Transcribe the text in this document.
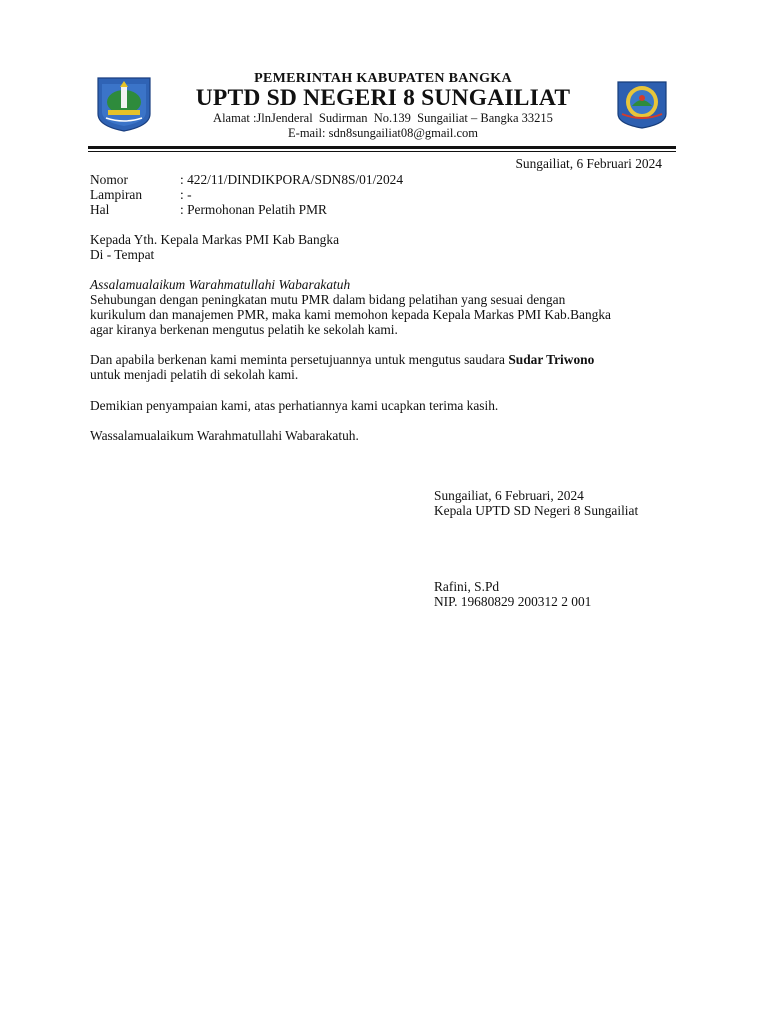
PEMERINTAH KABUPATEN BANGKA
UPTD SD NEGERI 8 SUNGAILIAT
Alamat :JlnJenderal  Sudirman  No.139  Sungailiat – Bangka 33215
E-mail: sdn8sungailiat08@gmail.com
Sungailiat, 6 Februari 2024
Nomor	: 422/11/DINDIKPORA/SDN8S/01/2024
Lampiran	: -
Hal	: Permohonan Pelatih PMR
Kepada Yth. Kepala Markas PMI Kab Bangka
Di - Tempat
Assalamualaikum Warahmatullahi Wabarakatuh
Sehubungan dengan peningkatan mutu PMR dalam bidang pelatihan yang sesuai dengan
kurikulum dan manajemen PMR, maka kami memohon kepada Kepala Markas PMI Kab.Bangka
agar kiranya berkenan mengutus pelatih ke sekolah kami.
Dan apabila berkenan kami meminta persetujuannya untuk mengutus saudara Sudar Triwono
untuk menjadi pelatih di sekolah kami.
Demikian penyampaian kami, atas perhatiannya kami ucapkan terima kasih.
Wassalamualaikum Warahmatullahi Wabarakatuh.
Sungailiat, 6 Februari, 2024
Kepala UPTD SD Negeri 8 Sungailiat
Rafini, S.Pd
NIP. 19680829 200312 2 001
